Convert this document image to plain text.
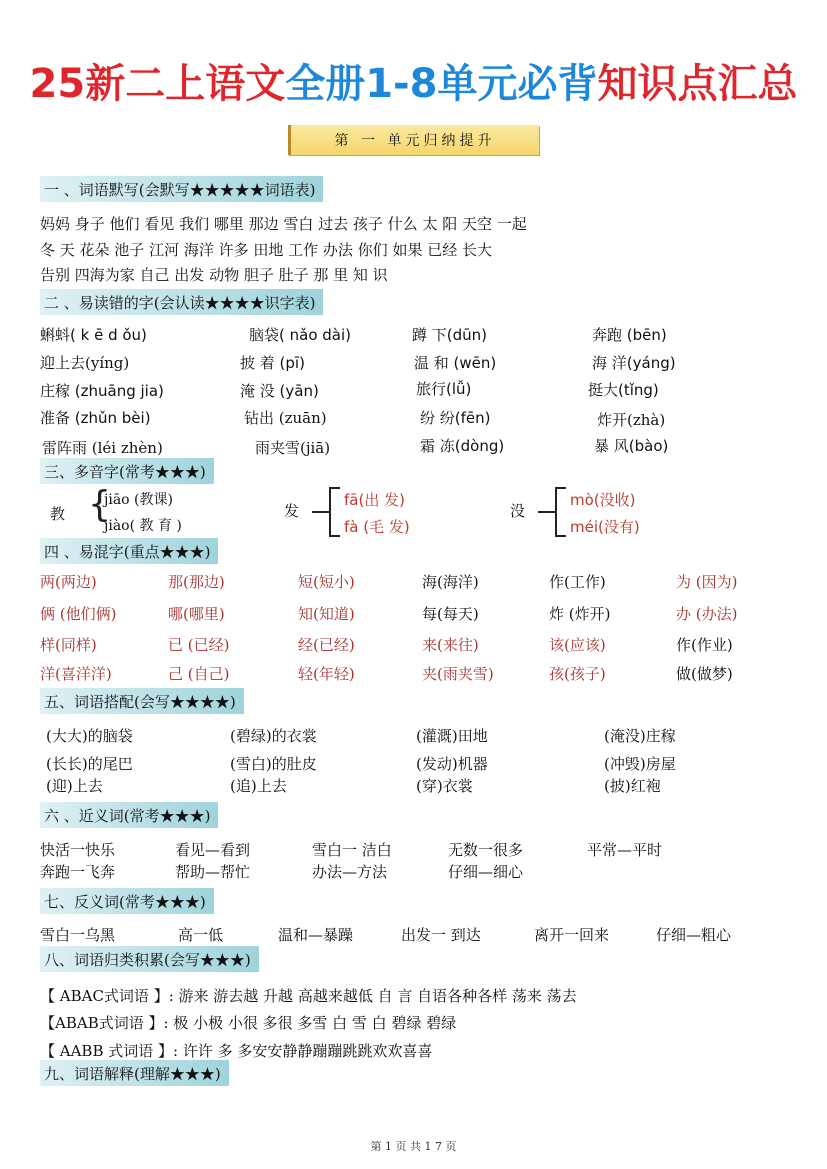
25新二上语文全册1-8单元必背知识点汇总
第 一 单元归纳提升
一 、词语默写(会默写★★★★★词语表)
妈妈 身子 他们 看见 我们 哪里 那边 雪白 过去 孩子 什么 太 阳 天空 一起
冬 天 花朵 池子 江河 海洋 许多 田地 工作 办法 你们 如果 已经 长大
告别 四海为家 自己 出发 动物 胆子 肚子 那 里 知 识
二 、易读错的字(会认读★★★★识字表)
蝌蚪( k ē d ǒu)	脑袋( nǎo dài)	蹲 下(dūn)	奔跑 (bēn)
迎上去(yíng)	披 着 (pī)	温 和 (wēn)	海 洋(yáng)
庄稼 (zhuāng jia)	淹 没 (yān)	旅行(lǚ)	挺大(tǐng)
准备 (zhǔn bèi)	钻出 (zuān)	纷 纷(fēn)	炸开(zhà)
雷阵雨 (léi zhèn)	雨夹雪(jiā)	霜 冻(dòng)	暴 风(bào)
三、多音字(常考★★★)
教 {
jiāo (教课)
jiào( 教 育 )
发
fā(出 发)
fà (毛 发)
没
mò(没收)
méi(没有)
四 、易混字(重点★★★)
两(两边)	那(那边)	短(短小)	海(海洋)	作(工作)	为 (因为)
俩 (他们俩)	哪(哪里)	知(知道)	每(每天)	炸 (炸开)	办 (办法)
样(同样)	已 (已经)	经(已经)	来(来往)	该(应该)	作(作业)
洋(喜洋洋)	己 (自己)	轻(年轻)	夹(雨夹雪)	孩(孩子)	做(做梦)
五、词语搭配(会写★★★★)
(大大)的脑袋	(碧绿)的衣裳	(灌溉)田地	(淹没)庄稼
(长长)的尾巴	(雪白)的肚皮	(发动)机器	(冲毁)房屋
(迎)上去	(追)上去	(穿)衣裳	(披)红袍
六 、近义词(常考★★★)
快活一快乐	看见—看到	雪白一 洁白	无数一很多	平常—平时
奔跑一飞奔	帮助—帮忙	办法—方法	仔细—细心
七、反义词(常考★★★)
雪白一乌黑	高一低	温和—暴躁	出发一 到达	离开一回来	仔细—粗心
八、词语归类积累(会写★★★)
【 ABAC式词语 】: 游来 游去越 升越 高越来越低 自 言 自语各种各样 荡来 荡去
【ABAB式词语 】: 极 小极 小很 多很 多雪 白 雪 白 碧绿 碧绿
【 AABB 式词语 】: 许许 多 多安安静静蹦蹦跳跳欢欢喜喜
九、词语解释(理解★★★)
第 1 页 共 1 7 页
